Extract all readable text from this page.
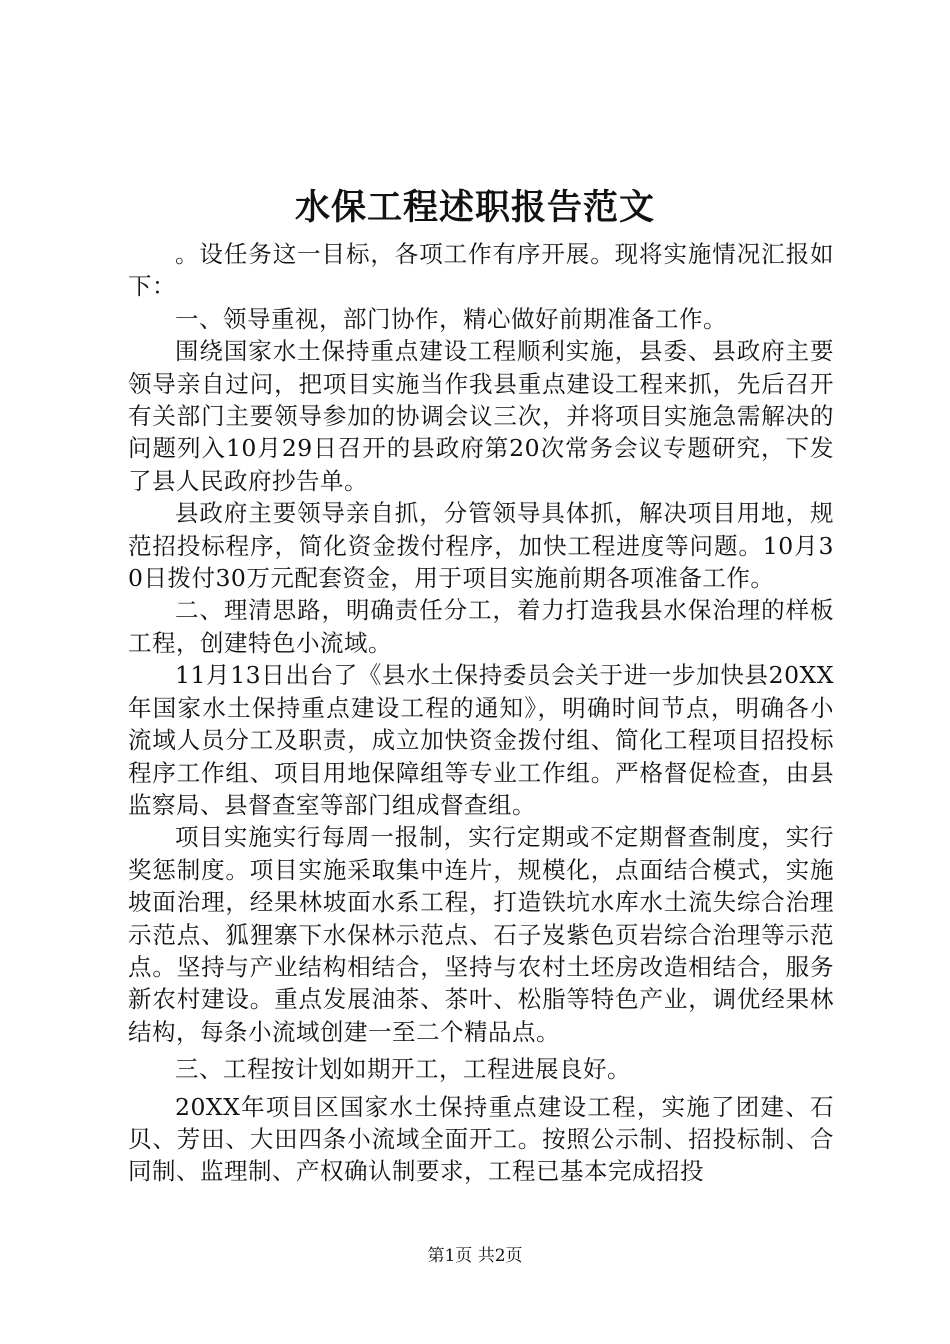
水保工程述职报告范文

。设任务这一目标，各项工作有序开展。现将实施情况汇报如下：

一、领导重视，部门协作，精心做好前期准备工作。

围绕国家水土保持重点建设工程顺利实施，县委、县政府主要领导亲自过问，把项目实施当作我县重点建设工程来抓，先后召开有关部门主要领导参加的协调会议三次，并将项目实施急需解决的问题列入10月29日召开的县政府第20次常务会议专题研究，下发了县人民政府抄告单。

县政府主要领导亲自抓，分管领导具体抓，解决项目用地，规范招投标程序，简化资金拨付程序，加快工程进度等问题。10月30日拨付30万元配套资金，用于项目实施前期各项准备工作。

二、理清思路，明确责任分工，着力打造我县水保治理的样板工程，创建特色小流域。

11月13日出台了《县水土保持委员会关于进一步加快县20XX年国家水土保持重点建设工程的通知》，明确时间节点，明确各小流域人员分工及职责，成立加快资金拨付组、简化工程项目招投标程序工作组、项目用地保障组等专业工作组。严格督促检查，由县监察局、县督查室等部门组成督查组。

项目实施实行每周一报制，实行定期或不定期督查制度，实行奖惩制度。项目实施采取集中连片，规模化，点面结合模式，实施坡面治理，经果林坡面水系工程，打造铁坑水库水土流失综合治理示范点、狐狸寨下水保林示范点、石子岌紫色页岩综合治理等示范点。坚持与产业结构相结合，坚持与农村土坯房改造相结合，服务新农村建设。重点发展油茶、茶叶、松脂等特色产业，调优经果林结构，每条小流域创建一至二个精品点。

三、工程按计划如期开工，工程进展良好。

20XX年项目区国家水土保持重点建设工程，实施了团建、石贝、芳田、大田四条小流域全面开工。按照公示制、招投标制、合同制、监理制、产权确认制要求，工程已基本完成招投

第1页 共2页
